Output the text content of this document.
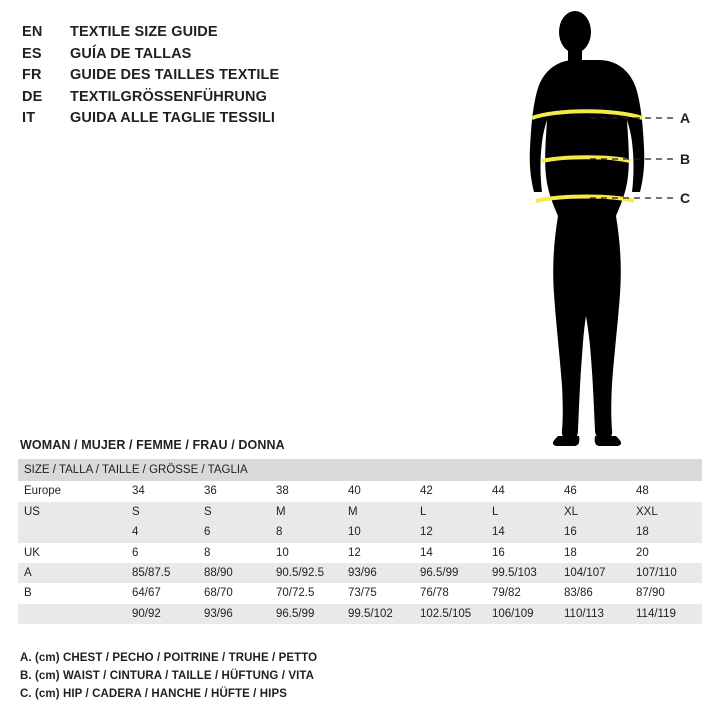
EN	TEXTILE SIZE GUIDE
ES	GUÍA DE TALLAS
FR	GUIDE DES TAILLES TEXTILE
DE	TEXTILGRÖSSENFÜHRUNG
IT	GUIDA ALLE TAGLIE TESSILI	A
B
C
WOMAN / MUJER / FEMME / FRAU / DONNA
SIZE / TALLA / TAILLE / GRÖSSE / TAGLIA								
Europe	34	36	38	40	42	44	46	48
US	S	S	M	M	L	L	XL	XXL
	4	6	8	10	12	14	16	18
UK	6	8	10	12	14	16	18	20
A	85/87.5	88/90	90.5/92.5	93/96	96.5/99	99.5/103	104/107	107/110
B	64/67	68/70	70/72.5	73/75	76/78	79/82	83/86	87/90
	90/92	93/96	96.5/99	99.5/102	102.5/105	106/109	110/113	114/119
A. (cm) CHEST / PECHO / POITRINE / TRUHE / PETTO
B. (cm) WAIST / CINTURA / TAILLE / HÜFTUNG / VITA
C. (cm) HIP / CADERA / HANCHE / HÜFTE / HIPS
